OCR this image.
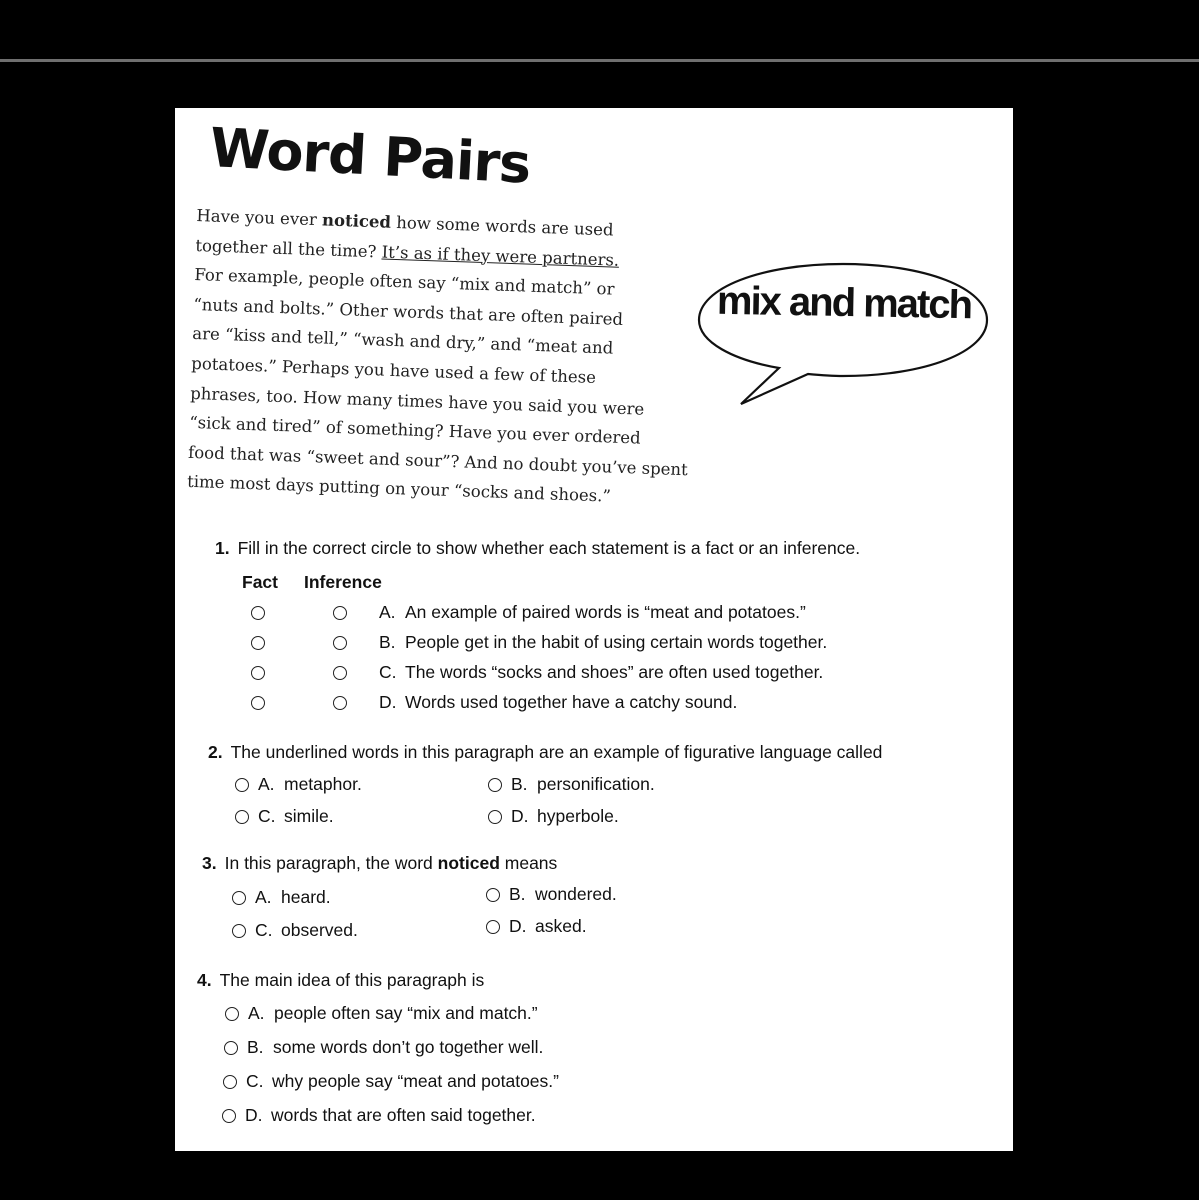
Word Pairs

Have you ever noticed how some words are used
together all the time? It’s as if they were partners.
For example, people often say “mix and match” or
“nuts and bolts.” Other words that are often paired
are “kiss and tell,” “wash and dry,” and “meat and
potatoes.” Perhaps you have used a few of these
phrases, too. How many times have you said you were
“sick and tired” of something? Have you ever ordered
food that was “sweet and sour”? And no doubt you’ve spent
time most days putting on your “socks and shoes.”

mix and match
1. Fill in the correct circle to show whether each statement is a fact or an inference.
Fact Inference
A. An example of paired words is “meat and potatoes.”
B. People get in the habit of using certain words together.
C. The words “socks and shoes” are often used together.
D. Words used together have a catchy sound.
2. The underlined words in this paragraph are an example of figurative language called
A. metaphor.	B. personification.
C. simile.	D. hyperbole.
3. In this paragraph, the word noticed means
A. heard.	B. wondered.
C. observed.	D. asked.
4. The main idea of this paragraph is
A. people often say “mix and match.”
B. some words don’t go together well.
C. why people say “meat and potatoes.”
D. words that are often said together.
